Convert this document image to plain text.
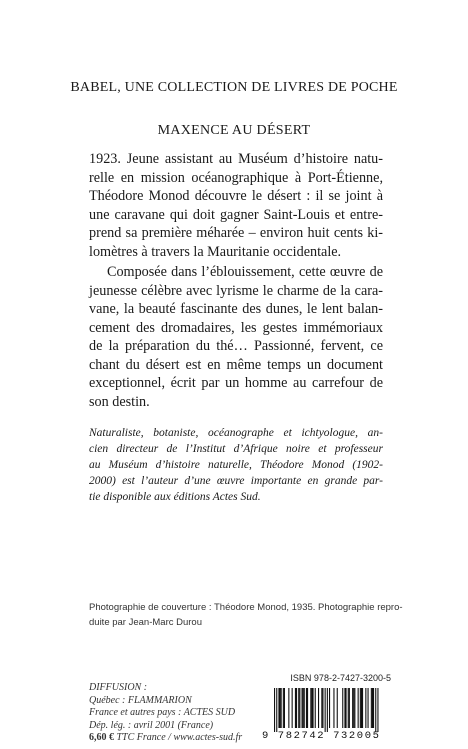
BABEL, UNE COLLECTION DE LIVRES DE POCHE
MAXENCE AU DÉSERT
1923. Jeune assistant au Muséum d’histoire natu-
relle en mission océanographique à Port-Étienne,
Théodore Monod découvre le désert : il se joint à
une caravane qui doit gagner Saint-Louis et entre-
prend sa première méharée – environ huit cents ki-
lomètres à travers la Mauritanie occidentale.
Composée dans l’éblouissement, cette œuvre de
jeunesse célèbre avec lyrisme le charme de la cara-
vane, la beauté fascinante des dunes, le lent balan-
cement des dromadaires, les gestes immémoriaux
de la préparation du thé… Passionné, fervent, ce
chant du désert est en même temps un document
exceptionnel, écrit par un homme au carrefour de
son destin.
Naturaliste, botaniste, océanographe et ichtyologue, an-
cien directeur de l’Institut d’Afrique noire et professeur
au Muséum d’histoire naturelle, Théodore Monod (1902-
2000) est l’auteur d’une œuvre importante en grande par-
tie disponible aux éditions Actes Sud.
Photographie de couverture : Théodore Monod, 1935. Photographie repro-
duite par Jean-Marc Durou
DIFFUSION :
Québec : FLAMMARION
France et autres pays : ACTES SUD
Dép. lég. : avril 2001 (France)
6,60 € TTC France / www.actes-sud.fr
ISBN 978-2-7427-3200-5
9 782742 732005
